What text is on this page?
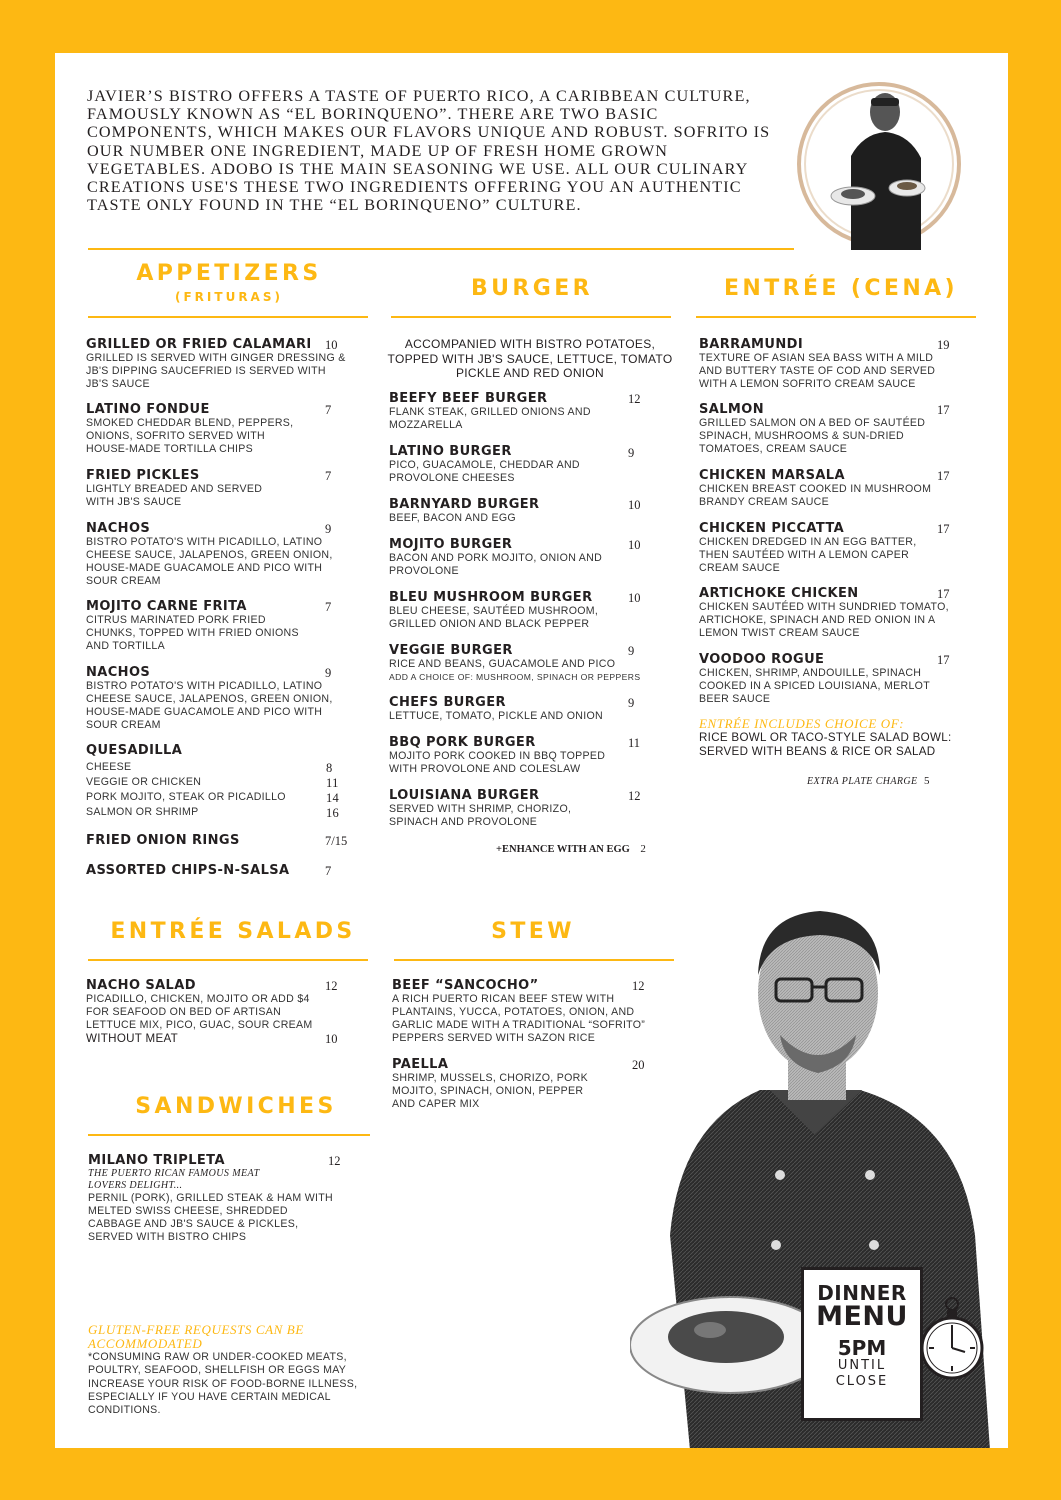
JAVIER’S BISTRO OFFERS A TASTE OF PUERTO RICO, A CARIBBEAN CULTURE, FAMOUSLY KNOWN AS “EL BORINQUENO”. THERE ARE TWO BASIC COMPONENTS, WHICH MAKES OUR FLAVORS UNIQUE AND ROBUST. SOFRITO IS OUR NUMBER ONE INGREDIENT, MADE UP OF FRESH HOME GROWN VEGETABLES. ADOBO IS THE MAIN SEASONING WE USE. ALL OUR CULINARY CREATIONS USE'S THESE TWO INGREDIENTS OFFERING YOU AN AUTHENTIC TASTE ONLY FOUND IN THE “EL BORINQUENO” CULTURE.

APPETIZERS
(FRITURAS)	BURGER	ENTRÉE (CENA)
GRILLED OR FRIED CALAMARI
GRILLED IS SERVED WITH GINGER DRESSING & JB'S DIPPING SAUCEFRIED IS SERVED WITH JB'S SAUCE
10
LATINO FONDUE
SMOKED CHEDDAR BLEND, PEPPERS, ONIONS, SOFRITO SERVED WITH HOUSE-MADE TORTILLA CHIPS
7
FRIED PICKLES
LIGHTLY BREADED AND SERVED WITH JB'S SAUCE
7
NACHOS
BISTRO POTATO'S WITH PICADILLO, LATINO CHEESE SAUCE, JALAPENOS, GREEN ONION, HOUSE-MADE GUACAMOLE AND PICO WITH SOUR CREAM
9
MOJITO CARNE FRITA
CITRUS MARINATED PORK FRIED CHUNKS, TOPPED WITH FRIED ONIONS AND TORTILLA
7
NACHOS
BISTRO POTATO'S WITH PICADILLO, LATINO CHEESE SAUCE, JALAPENOS, GREEN ONION, HOUSE-MADE GUACAMOLE AND PICO WITH SOUR CREAM
9
QUESADILLA
CHEESE	8
VEGGIE OR CHICKEN	11
PORK MOJITO, STEAK OR PICADILLO	14
SALMON OR SHRIMP	16
FRIED ONION RINGS	7/15
ASSORTED CHIPS-N-SALSA	7
ACCOMPANIED WITH BISTRO POTATOES, TOPPED WITH JB'S SAUCE, LETTUCE, TOMATO PICKLE AND RED ONION
BEEFY BEEF BURGER
FLANK STEAK, GRILLED ONIONS AND MOZZARELLA
12
LATINO BURGER
PICO, GUACAMOLE, CHEDDAR AND PROVOLONE CHEESES
9
BARNYARD BURGER
BEEF, BACON AND EGG
10
MOJITO BURGER
BACON AND PORK MOJITO, ONION AND PROVOLONE
10
BLEU MUSHROOM BURGER
BLEU CHEESE, SAUTÉED MUSHROOM, GRILLED ONION AND BLACK PEPPER
10
VEGGIE BURGER
RICE AND BEANS, GUACAMOLE AND PICO
ADD A CHOICE OF: MUSHROOM, SPINACH OR PEPPERS
9
CHEFS BURGER
LETTUCE, TOMATO, PICKLE AND ONION
9
BBQ PORK BURGER
MOJITO PORK COOKED IN BBQ TOPPED WITH PROVOLONE AND COLESLAW
11
LOUISIANA BURGER
SERVED WITH SHRIMP, CHORIZO, SPINACH AND PROVOLONE
12
+ENHANCE WITH AN EGG 2
BARRAMUNDI
TEXTURE OF ASIAN SEA BASS WITH A MILD AND BUTTERY TASTE OF COD AND SERVED WITH A LEMON SOFRITO CREAM SAUCE
19
SALMON
GRILLED SALMON ON A BED OF SAUTÉED SPINACH, MUSHROOMS & SUN-DRIED TOMATOES, CREAM SAUCE
17
CHICKEN MARSALA
CHICKEN BREAST COOKED IN MUSHROOM BRANDY CREAM SAUCE
17
CHICKEN PICCATTA
CHICKEN DREDGED IN AN EGG BATTER, THEN SAUTÉED WITH A LEMON CAPER CREAM SAUCE
17
ARTICHOKE CHICKEN
CHICKEN SAUTÉED WITH SUNDRIED TOMATO, ARTICHOKE, SPINACH AND RED ONION IN A LEMON TWIST CREAM SAUCE
17
VOODOO ROGUE
CHICKEN, SHRIMP, ANDOUILLE, SPINACH COOKED IN A SPICED LOUISIANA, MERLOT BEER SAUCE
17
ENTRÉE INCLUDES CHOICE OF:
RICE BOWL OR TACO-STYLE SALAD BOWL: SERVED WITH BEANS & RICE OR SALAD
EXTRA PLATE CHARGE 5
ENTRÉE SALADS
NACHO SALAD
PICADILLO, CHICKEN, MOJITO OR ADD $4 FOR SEAFOOD ON BED OF ARTISAN LETTUCE MIX, PICO, GUAC, SOUR CREAM
12
WITHOUT MEAT	10
STEW
BEEF “SANCOCHO”
A RICH PUERTO RICAN BEEF STEW WITH PLANTAINS, YUCCA, POTATOES, ONION, AND GARLIC MADE WITH A TRADITIONAL “SOFRITO” PEPPERS SERVED WITH SAZON RICE
12
PAELLA
SHRIMP, MUSSELS, CHORIZO, PORK MOJITO, SPINACH, ONION, PEPPER AND CAPER MIX
20
SANDWICHES
MILANO TRIPLETA
THE PUERTO RICAN FAMOUS MEAT LOVERS DELIGHT...
PERNIL (PORK), GRILLED STEAK & HAM WITH MELTED SWISS CHEESE, SHREDDED CABBAGE AND JB'S SAUCE & PICKLES, SERVED WITH BISTRO CHIPS
12
GLUTEN-FREE REQUESTS CAN BE ACCOMMODATED
*CONSUMING RAW OR UNDER-COOKED MEATS, POULTRY, SEAFOOD, SHELLFISH OR EGGS MAY INCREASE YOUR RISK OF FOOD-BORNE ILLNESS, ESPECIALLY IF YOU HAVE CERTAIN MEDICAL CONDITIONS.
DINNER
MENU
5PM
UNTIL
CLOSE
